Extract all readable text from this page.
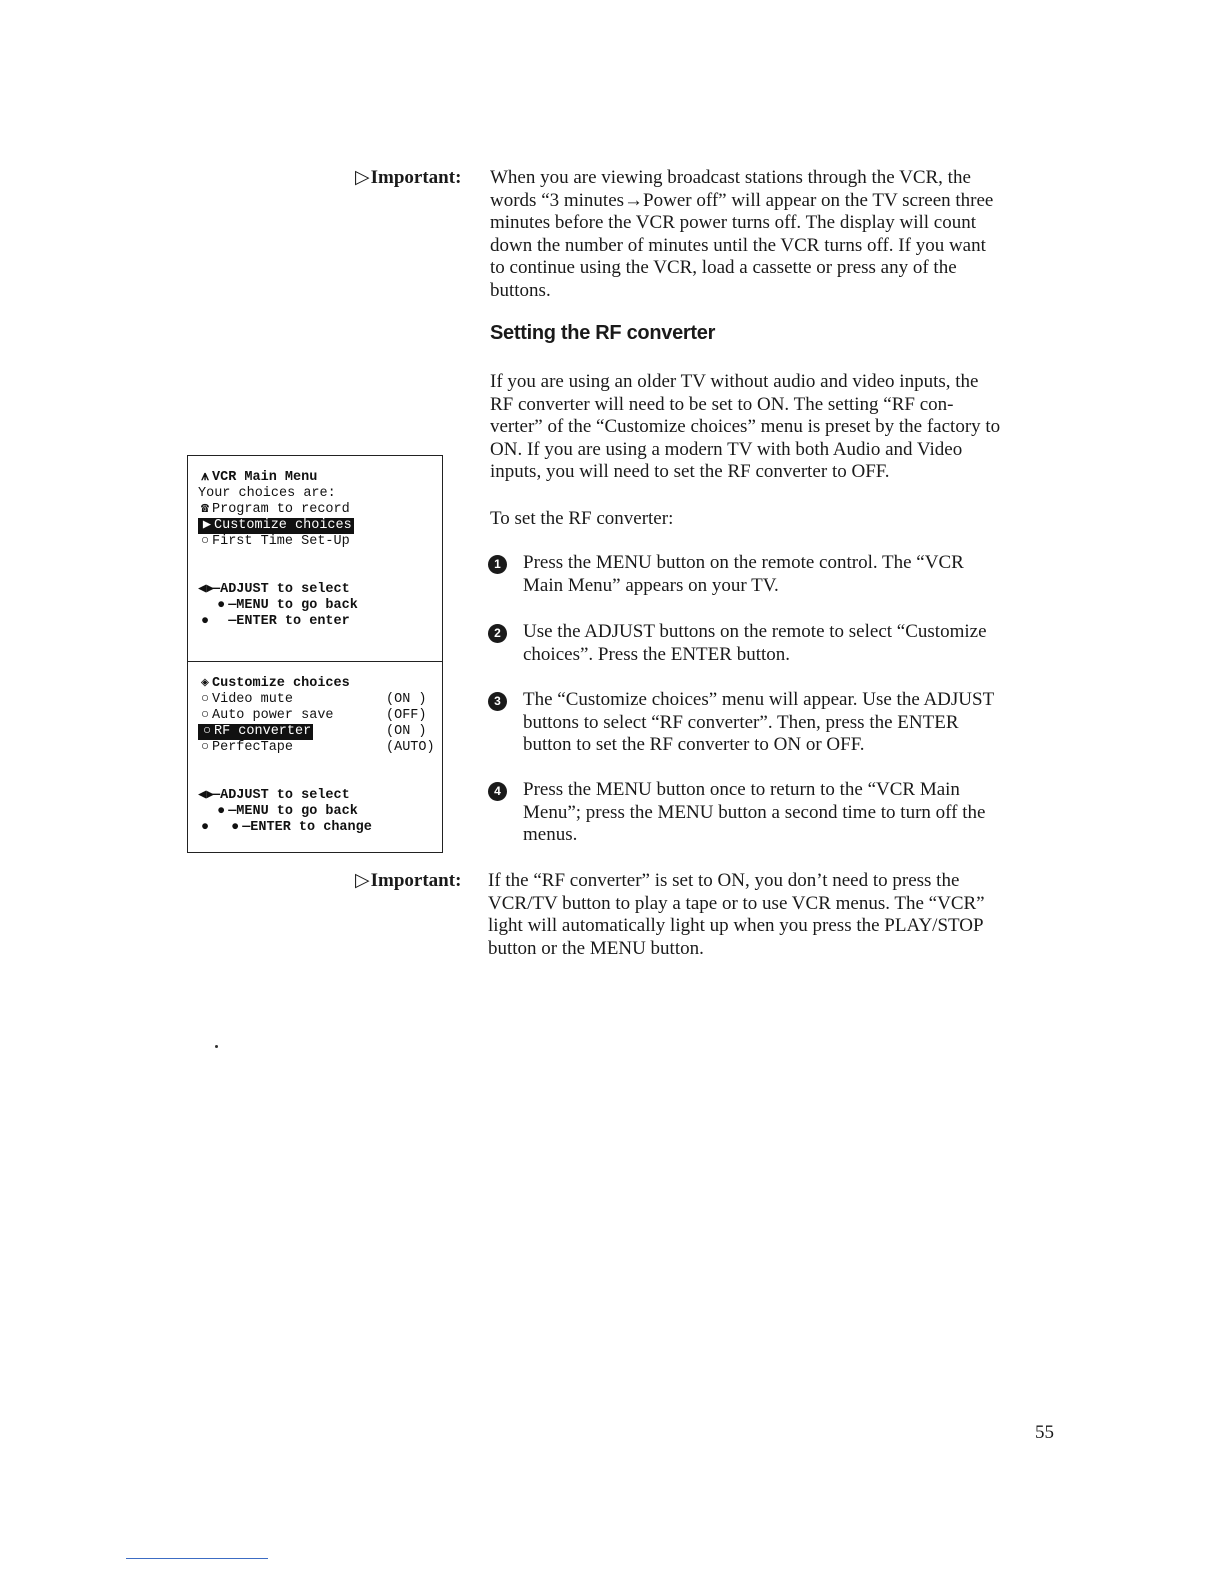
▷Important: When you are viewing broadcast stations through the VCR, the
words “3 minutes→Power off” will appear on the TV screen three
minutes before the VCR power turns off. The display will count
down the number of minutes until the VCR turns off. If you want
to continue using the VCR, load a cassette or press any of the
buttons.
Setting the RF converter
If you are using an older TV without audio and video inputs, the
RF converter will need to be set to ON. The setting “RF con-
verter” of the “Customize choices” menu is preset by the factory to
ON. If you are using a modern TV with both Audio and Video
inputs, you will need to set the RF converter to OFF.
To set the RF converter:
1	Press the MENU button on the remote control. The “VCR
Main Menu” appears on your TV.
2	Use the ADJUST buttons on the remote to select “Customize
choices”. Press the ENTER button.
3	The “Customize choices” menu will appear. Use the ADJUST
buttons to select “RF converter”. Then, press the ENTER
button to set the RF converter to ON or OFF.
4	Press the MENU button once to return to the “VCR Main
Menu”; press the MENU button a second time to turn off the
menus.
▷Important: If the “RF converter” is set to ON, you don’t need to press the
VCR/TV button to play a tape or to use VCR menus. The “VCR”
light will automatically light up when you press the PLAY/STOP
button or the MENU button.
⩚ VCR Main Menu
Your choices are:
☎ Program to record
▶ Customize choices
○ First Time Set-Up
◀▶—ADJUST to select
● —MENU to go back
● —ENTER to enter
◈ Customize choices
○ Video mute	(ON )
○ Auto power save	(OFF)
○ RF converter	(ON )
○ PerfecTape	(AUTO)
◀▶—ADJUST to select
● —MENU to go back
● ● —ENTER to change
55
